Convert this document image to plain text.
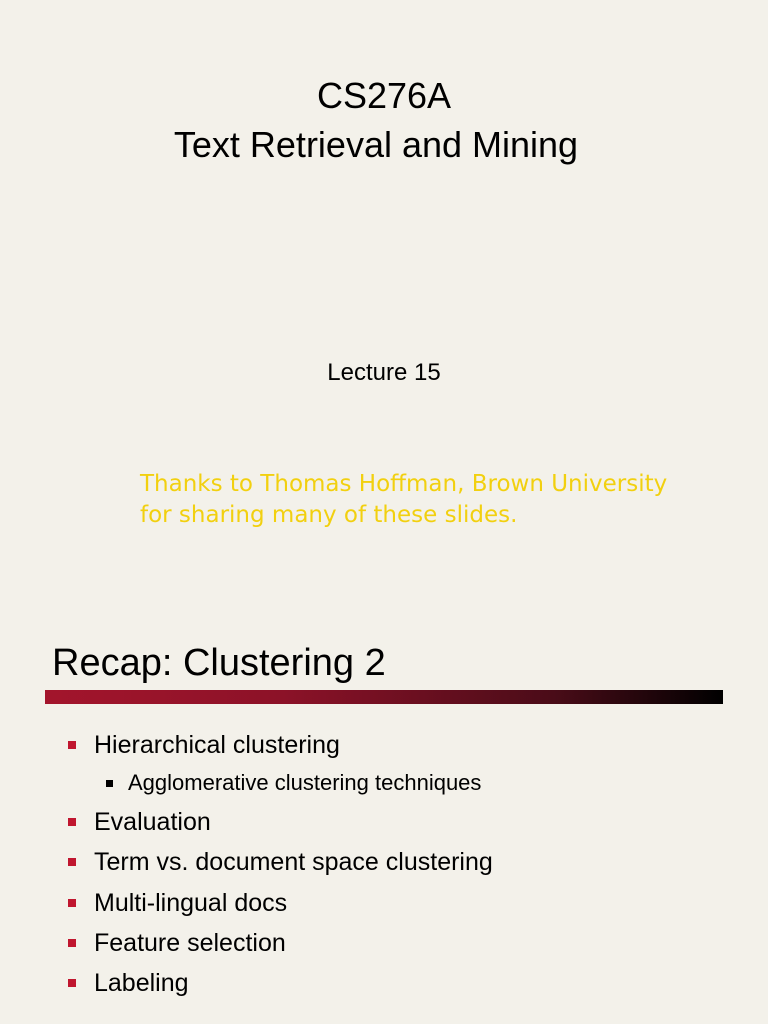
CS276A
Text Retrieval and Mining
Lecture 15
Thanks to Thomas Hoffman, Brown University
for sharing many of these slides.
Recap: Clustering 2
Hierarchical clustering
Agglomerative clustering techniques
Evaluation
Term vs. document space clustering
Multi-lingual docs
Feature selection
Labeling
